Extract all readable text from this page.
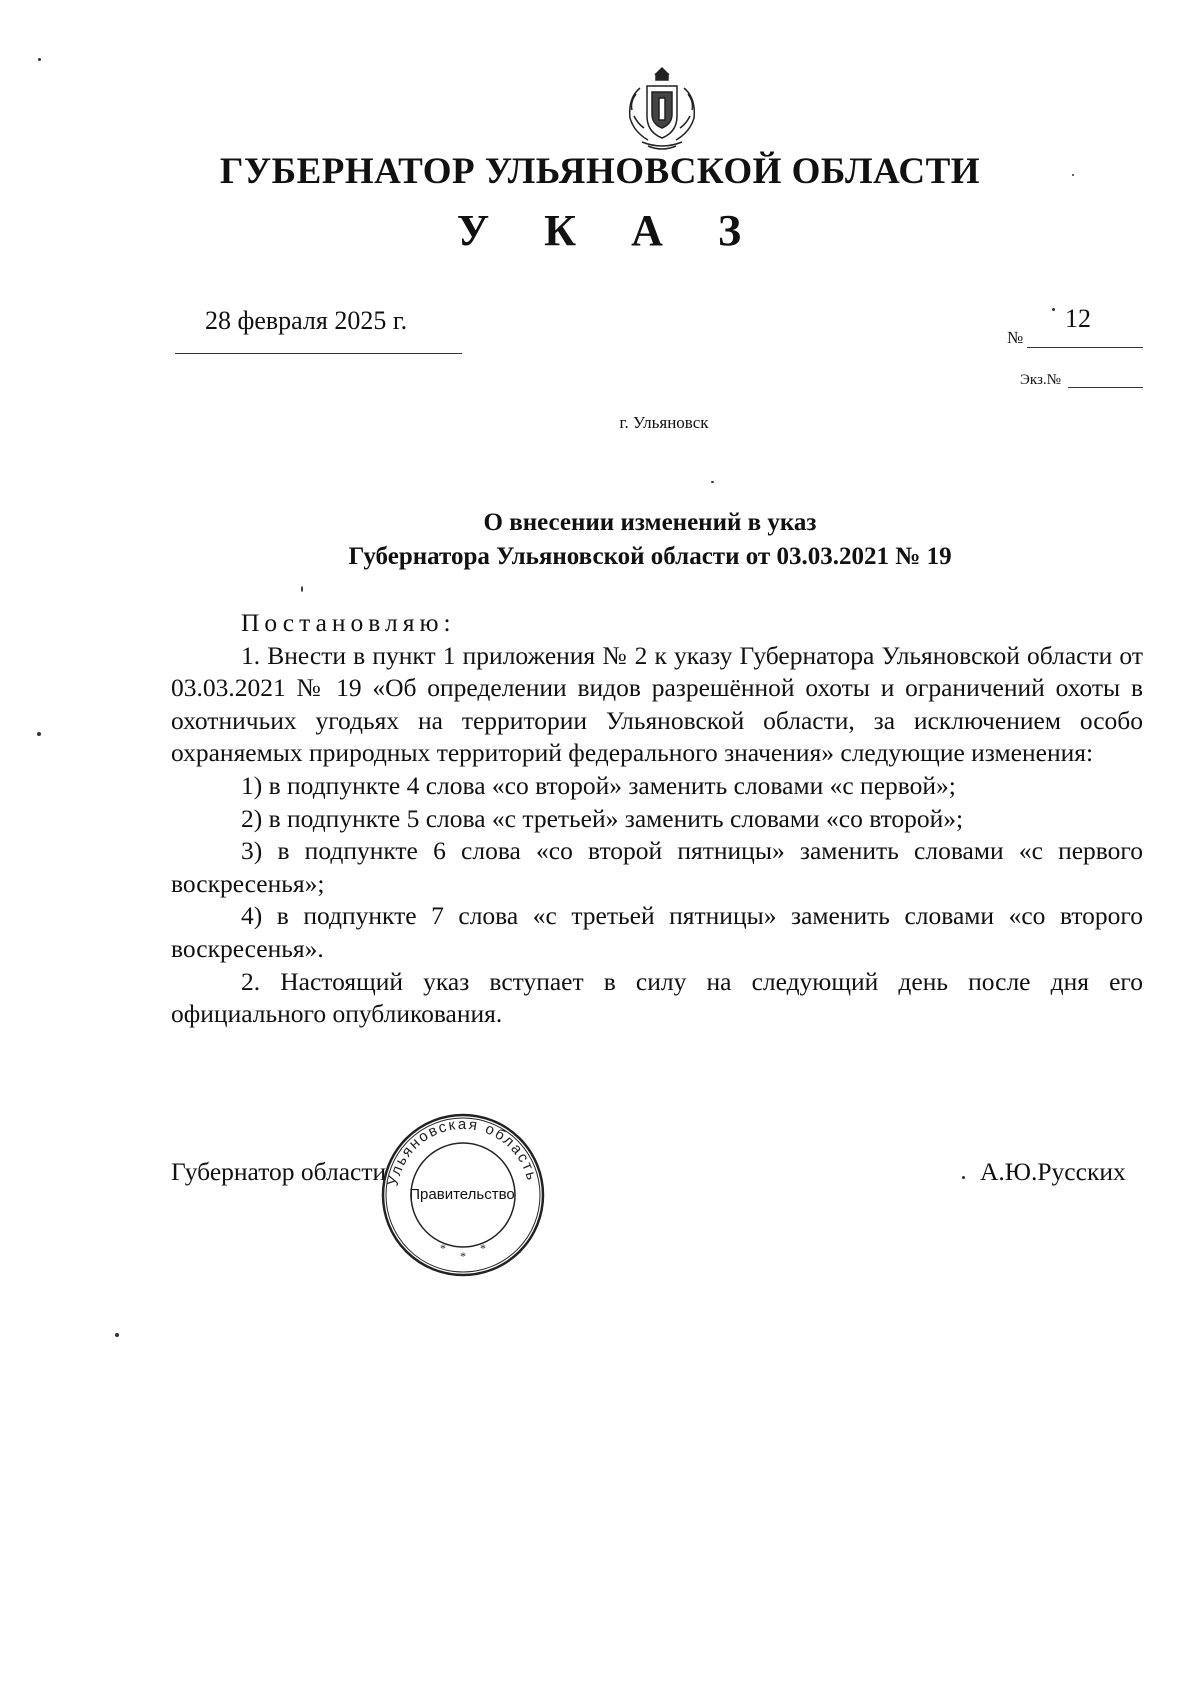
ГУБЕРНАТОР УЛЬЯНОВСКОЙ ОБЛАСТИ
У К А З
28 февраля 2025 г.
№
12
Экз.№
г. Ульяновск
О внесении изменений в указ
Губернатора Ульяновской области от 03.03.2021 № 19

Постановляю:

1. Внести в пункт 1 приложения № 2 к указу Губернатора Ульяновской области от 03.03.2021 № 19 «Об определении видов разрешённой охоты и ограничений охоты в охотничьих угодьях на территории Ульяновской области, за исключением особо охраняемых природных территорий федерального значения» следующие изменения:

1) в подпункте 4 слова «со второй» заменить словами «с первой»;

2) в подпункте 5 слова «с третьей» заменить словами «со второй»;

3) в подпункте 6 слова «со второй пятницы» заменить словами «с первого воскресенья»;

4) в подпункте 7 слова «с третьей пятницы» заменить словами «со второго воскресенья».

2. Настоящий указ вступает в силу на следующий день после дня его официального опубликования.

Губернатор области	А.Ю.Русских
Ульяновская область
*
*
*
Правительство
